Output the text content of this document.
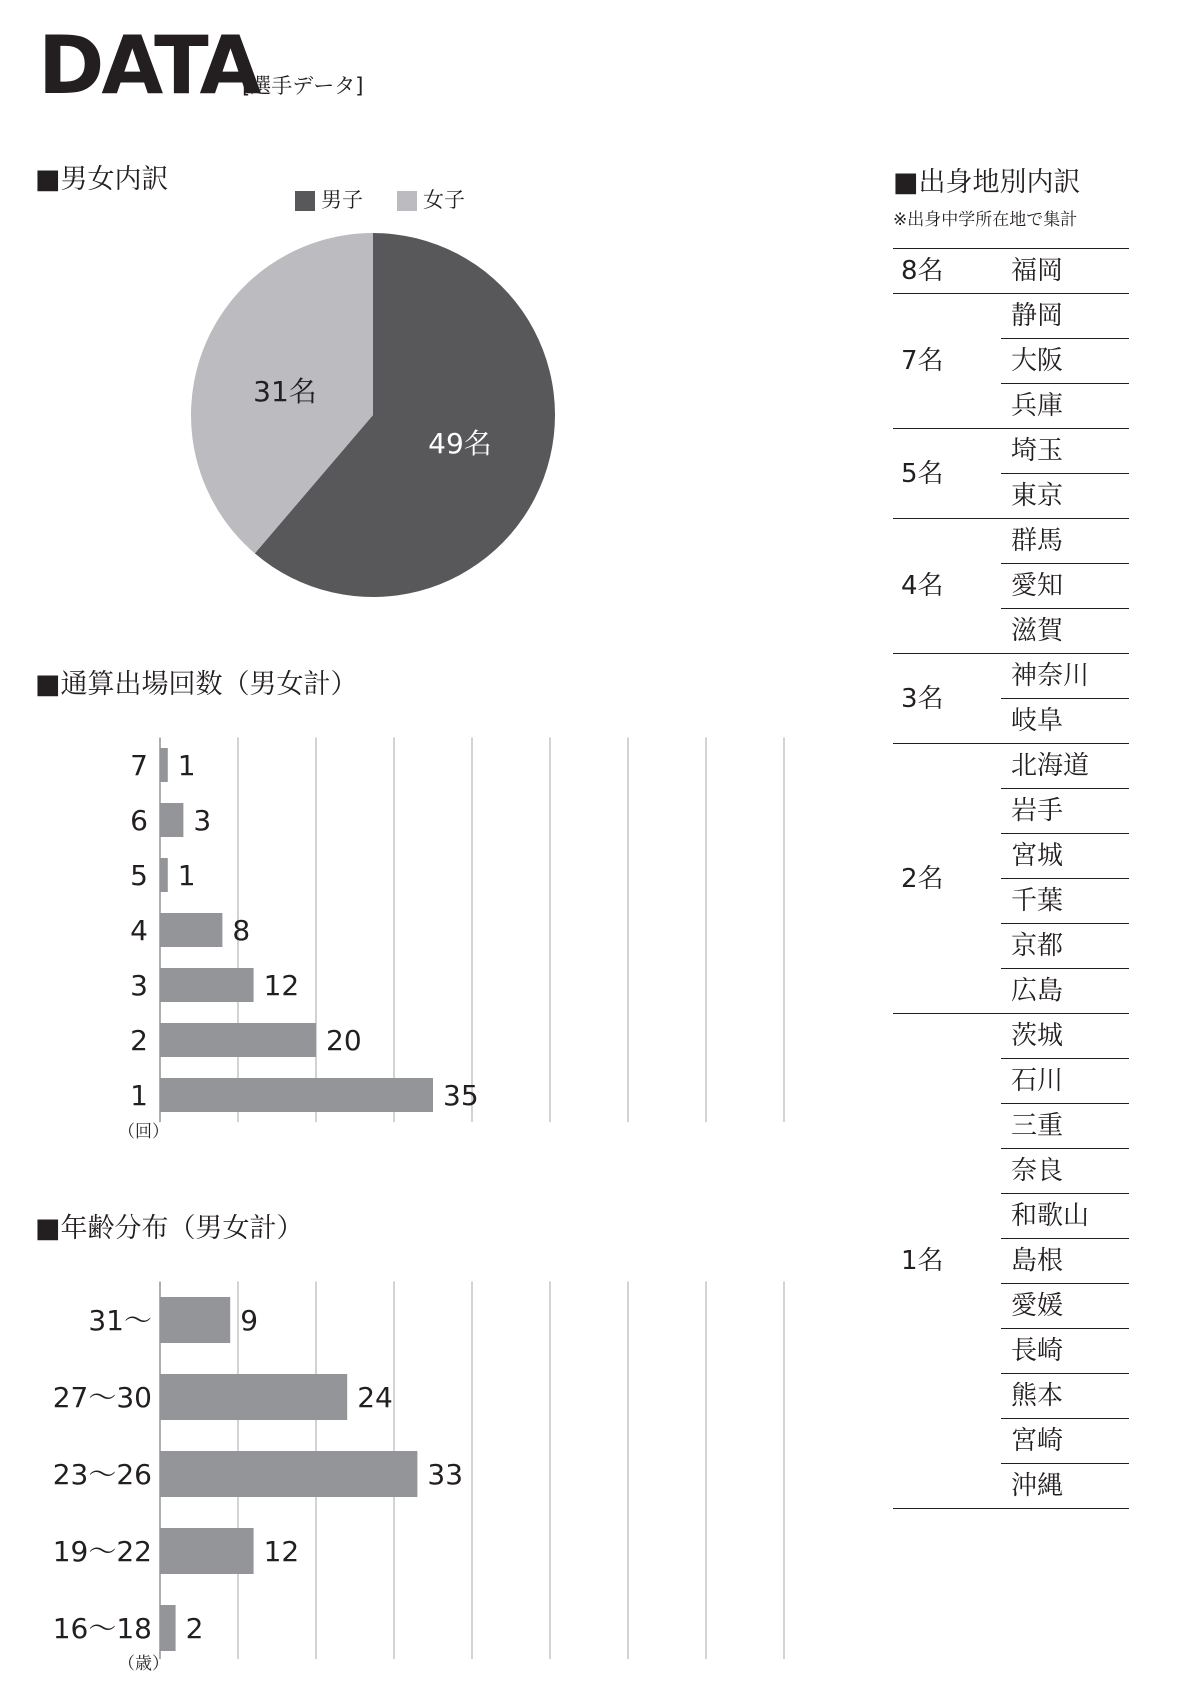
DATA
[選手データ]
■男女内訳
男子	女子
49名
31名
■通算出場回数（男女計）
7 1
6 3
5 1
4	8
3	12
2	20
1	35
（回）
■年齢分布（男女計）
31～	9
27～30	24
23～26	33
19～22	12
16～18 2
（歳）
■出身地別内訳
※出身中学所在地で集計
8名	福岡
7名	静岡
	大阪
	兵庫
5名	埼玉
	東京
4名	群馬
	愛知
	滋賀
3名	神奈川
	岐阜
2名	北海道
	岩手
	宮城
	千葉
	京都
	広島
1名	茨城
	石川
	三重
	奈良
	和歌山
	島根
	愛媛
	長崎
	熊本
	宮崎
	沖縄
